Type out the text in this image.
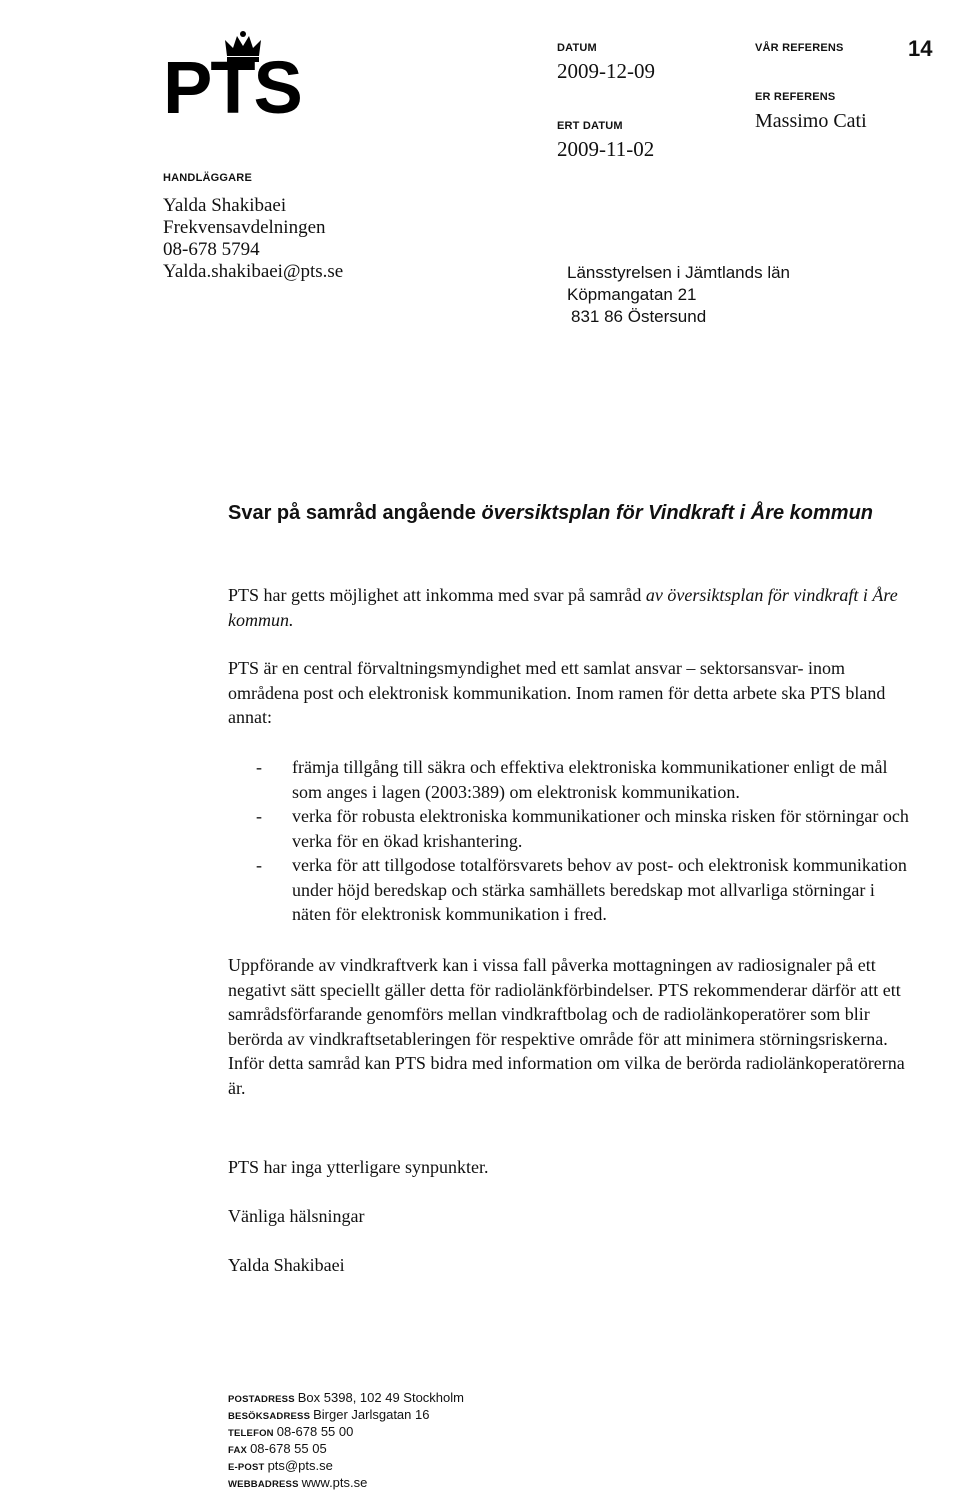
PTS	14
HANDLÄGGARE
Yalda Shakibaei
Frekvensavdelningen
08-678 5794
Yalda.shakibaei@pts.se
DATUM
2009-12-09
ERT DATUM
2009-11-02
VÅR REFERENS
ER REFERENS
Massimo Cati
Länsstyrelsen i Jämtlands län
Köpmangatan 21
831 86 Östersund
Svar på samråd angående översiktsplan för Vindkraft i Åre kommun

PTS har getts möjlighet att inkomma med svar på samråd av översiktsplan för vindkraft i Åre kommun.

PTS är en central förvaltningsmyndighet med ett samlat ansvar – sektorsansvar- inom områdena post och elektronisk kommunikation. Inom ramen för detta arbete ska PTS bland annat:

- främja tillgång till säkra och effektiva elektroniska kommunikationer enligt de mål som anges i lagen (2003:389) om elektronisk kommunikation.
- verka för robusta elektroniska kommunikationer och minska risken för störningar och verka för en ökad krishantering.
- verka för att tillgodose totalförsvarets behov av post- och elektronisk kommunikation under höjd beredskap och stärka samhällets beredskap mot allvarliga störningar i näten för elektronisk kommunikation i fred.

Uppförande av vindkraftverk kan i vissa fall påverka mottagningen av radiosignaler på ett negativt sätt speciellt gäller detta för radiolänkförbindelser. PTS rekommenderar därför att ett samrådsförfarande genomförs mellan vindkraftbolag och de radiolänkoperatörer som blir berörda av vindkraftsetableringen för respektive område för att minimera störningsriskerna. Inför detta samråd kan PTS bidra med information om vilka de berörda radiolänkoperatörerna är.

PTS har inga ytterligare synpunkter.

Vänliga hälsningar

Yalda Shakibaei

POSTADRESS Box 5398, 102 49 Stockholm
BESÖKSADRESS Birger Jarlsgatan 16
TELEFON 08-678 55 00
FAX 08-678 55 05
E-POST pts@pts.se
WEBBADRESS www.pts.se
